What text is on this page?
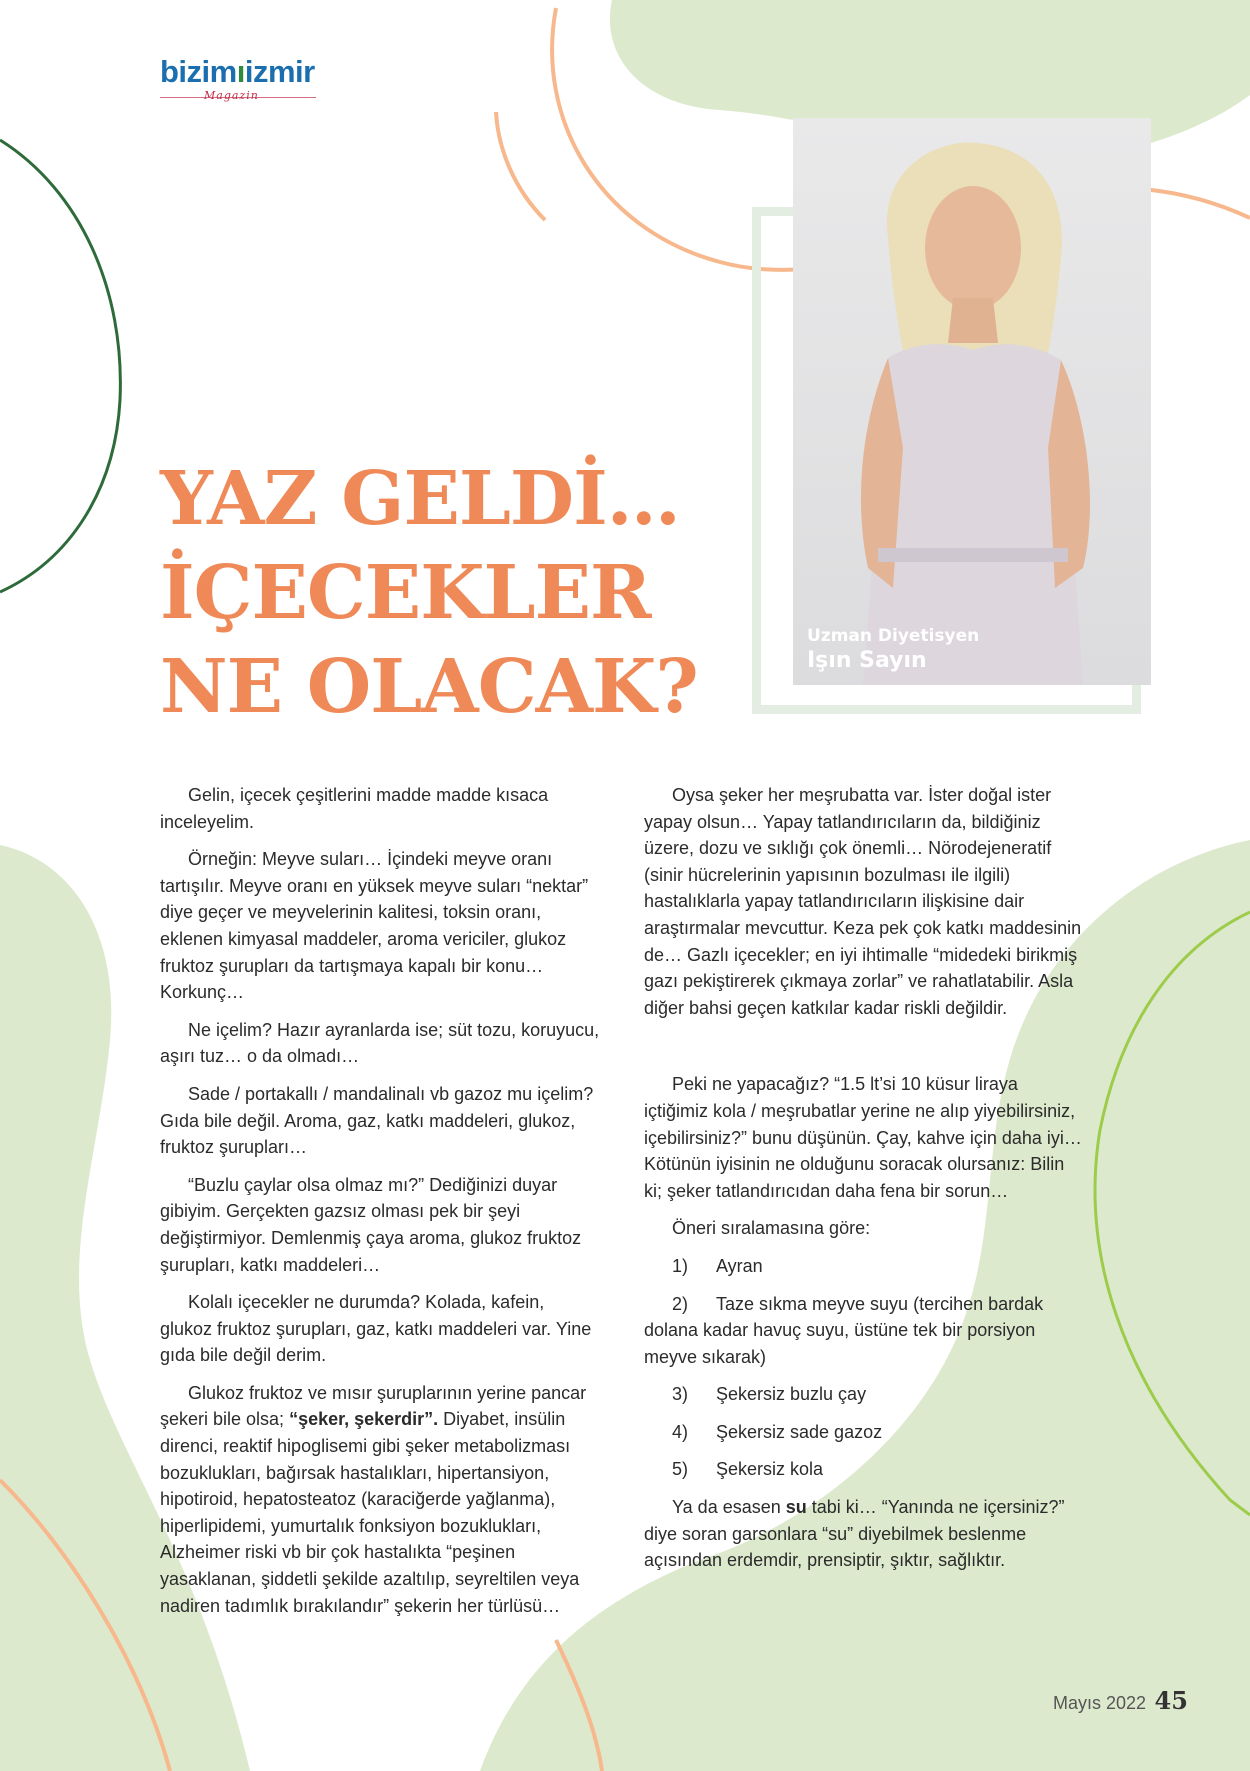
bizimıizmir
Magazin
Uzman Diyetisyen
Işın Sayın
YAZ GELDİ…
İÇECEKLER
NE OLACAK?

Gelin, içecek çeşitlerini madde madde kısaca inceleyelim.

Örneğin: Meyve suları… İçindeki meyve oranı tartışılır. Meyve oranı en yüksek meyve suları “nektar” diye geçer ve meyvelerinin kalitesi, toksin oranı, eklenen kimyasal maddeler, aroma vericiler, glukoz fruktoz şurupları da tartışmaya kapalı bir konu… Korkunç…

Ne içelim? Hazır ayranlarda ise; süt tozu, koruyucu, aşırı tuz… o da olmadı…

Sade / portakallı / mandalinalı vb gazoz mu içelim? Gıda bile değil. Aroma, gaz, katkı maddeleri, glukoz, fruktoz şurupları…

“Buzlu çaylar olsa olmaz mı?” Dediğinizi duyar gibiyim. Gerçekten gazsız olması pek bir şeyi değiştirmiyor. Demlenmiş çaya aroma, glukoz fruktoz şurupları, katkı maddeleri…

Kolalı içecekler ne durumda? Kolada, kafein, glukoz fruktoz şurupları, gaz, katkı maddeleri var. Yine gıda bile değil derim.

Glukoz fruktoz ve mısır şuruplarının yerine pancar şekeri bile olsa; “şeker, şekerdir”. Diyabet, insülin direnci, reaktif hipoglisemi gibi şeker metabolizması bozuklukları, bağırsak hastalıkları, hipertansiyon, hipotiroid, hepatosteatoz (karaciğerde yağlanma), hiperlipidemi, yumurtalık fonksiyon bozuklukları, Alzheimer riski vb bir çok hastalıkta “peşinen yasaklanan, şiddetli şekilde azaltılıp, seyreltilen veya nadiren tadımlık bırakılandır” şekerin her türlüsü…

Oysa şeker her meşrubatta var. İster doğal ister yapay olsun… Yapay tatlandırıcıların da, bildiğiniz üzere, dozu ve sıklığı çok önemli… Nörodejeneratif (sinir hücrelerinin yapısının bozulması ile ilgili) hastalıklarla yapay tatlandırıcıların ilişkisine dair araştırmalar mevcuttur. Keza pek çok katkı maddesinin de… Gazlı içecekler; en iyi ihtimalle “midedeki birikmiş gazı pekiştirerek çıkmaya zorlar” ve rahatlatabilir. Asla diğer bahsi geçen katkılar kadar riskli değildir.

Peki ne yapacağız? “1.5 lt’si 10 küsur liraya içtiğimiz kola / meşrubatlar yerine ne alıp yiyebilirsiniz, içebilirsiniz?” bunu düşünün. Çay, kahve için daha iyi… Kötünün iyisinin ne olduğunu soracak olursanız: Bilin ki; şeker tatlandırıcıdan daha fena bir sorun…

Öneri sıralamasına göre:

1) Ayran

2) Taze sıkma meyve suyu (tercihen bardak dolana kadar havuç suyu, üstüne tek bir porsiyon meyve sıkarak)

3) Şekersiz buzlu çay

4) Şekersiz sade gazoz

5) Şekersiz kola

Ya da esasen su tabi ki… “Yanında ne içersiniz?” diye soran garsonlara “su” diyebilmek beslenme açısından erdemdir, prensiptir, şıktır, sağlıktır.

Mayıs 2022 45
